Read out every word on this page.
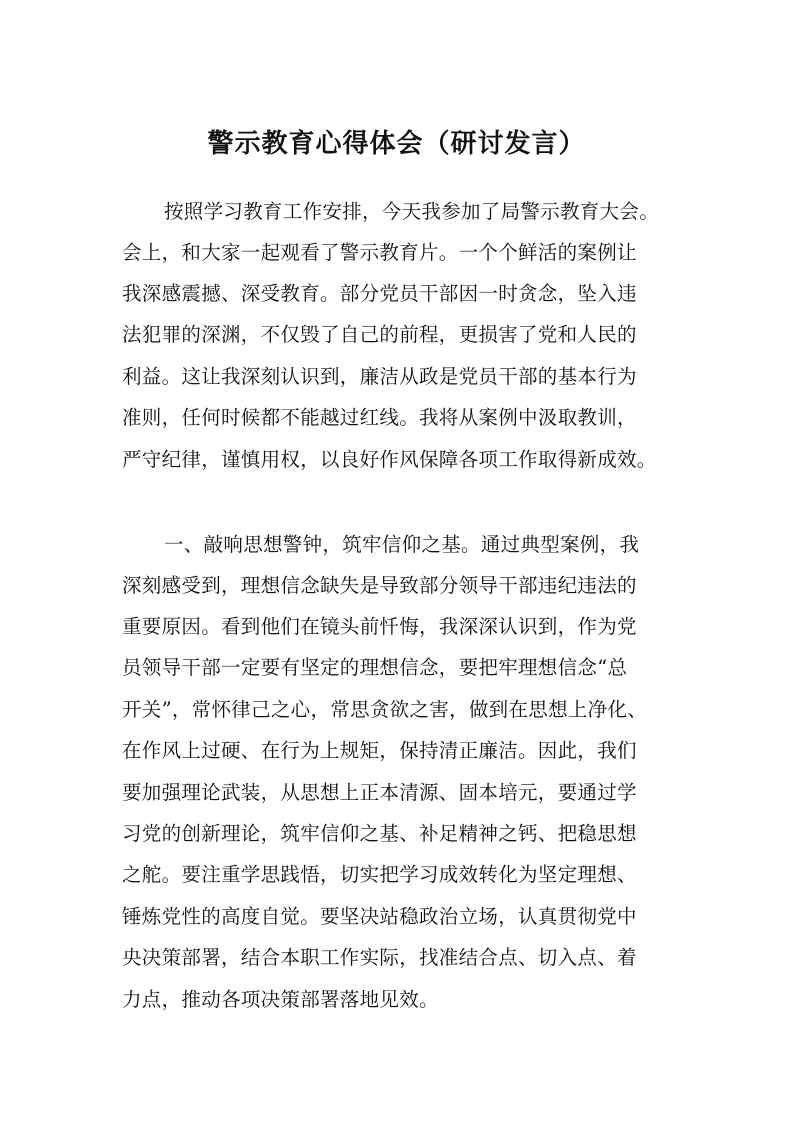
警示教育心得体会（研讨发言）
按照学习教育工作安排，今天我参加了局警示教育大会。
会上，和大家一起观看了警示教育片。一个个鲜活的案例让
我深感震撼、深受教育。部分党员干部因一时贪念，坠入违
法犯罪的深渊，不仅毁了自己的前程，更损害了党和人民的
利益。这让我深刻认识到，廉洁从政是党员干部的基本行为
准则，任何时候都不能越过红线。我将从案例中汲取教训，
严守纪律，谨慎用权，以良好作风保障各项工作取得新成效。
一、敲响思想警钟，筑牢信仰之基。通过典型案例，我
深刻感受到，理想信念缺失是导致部分领导干部违纪违法的
重要原因。看到他们在镜头前忏悔，我深深认识到，作为党
员领导干部一定要有坚定的理想信念，要把牢理想信念“总
开关”，常怀律己之心，常思贪欲之害，做到在思想上净化、
在作风上过硬、在行为上规矩，保持清正廉洁。因此，我们
要加强理论武装，从思想上正本清源、固本培元，要通过学
习党的创新理论，筑牢信仰之基、补足精神之钙、把稳思想
之舵。要注重学思践悟，切实把学习成效转化为坚定理想、
锤炼党性的高度自觉。要坚决站稳政治立场，认真贯彻党中
央决策部署，结合本职工作实际，找准结合点、切入点、着
力点，推动各项决策部署落地见效。
